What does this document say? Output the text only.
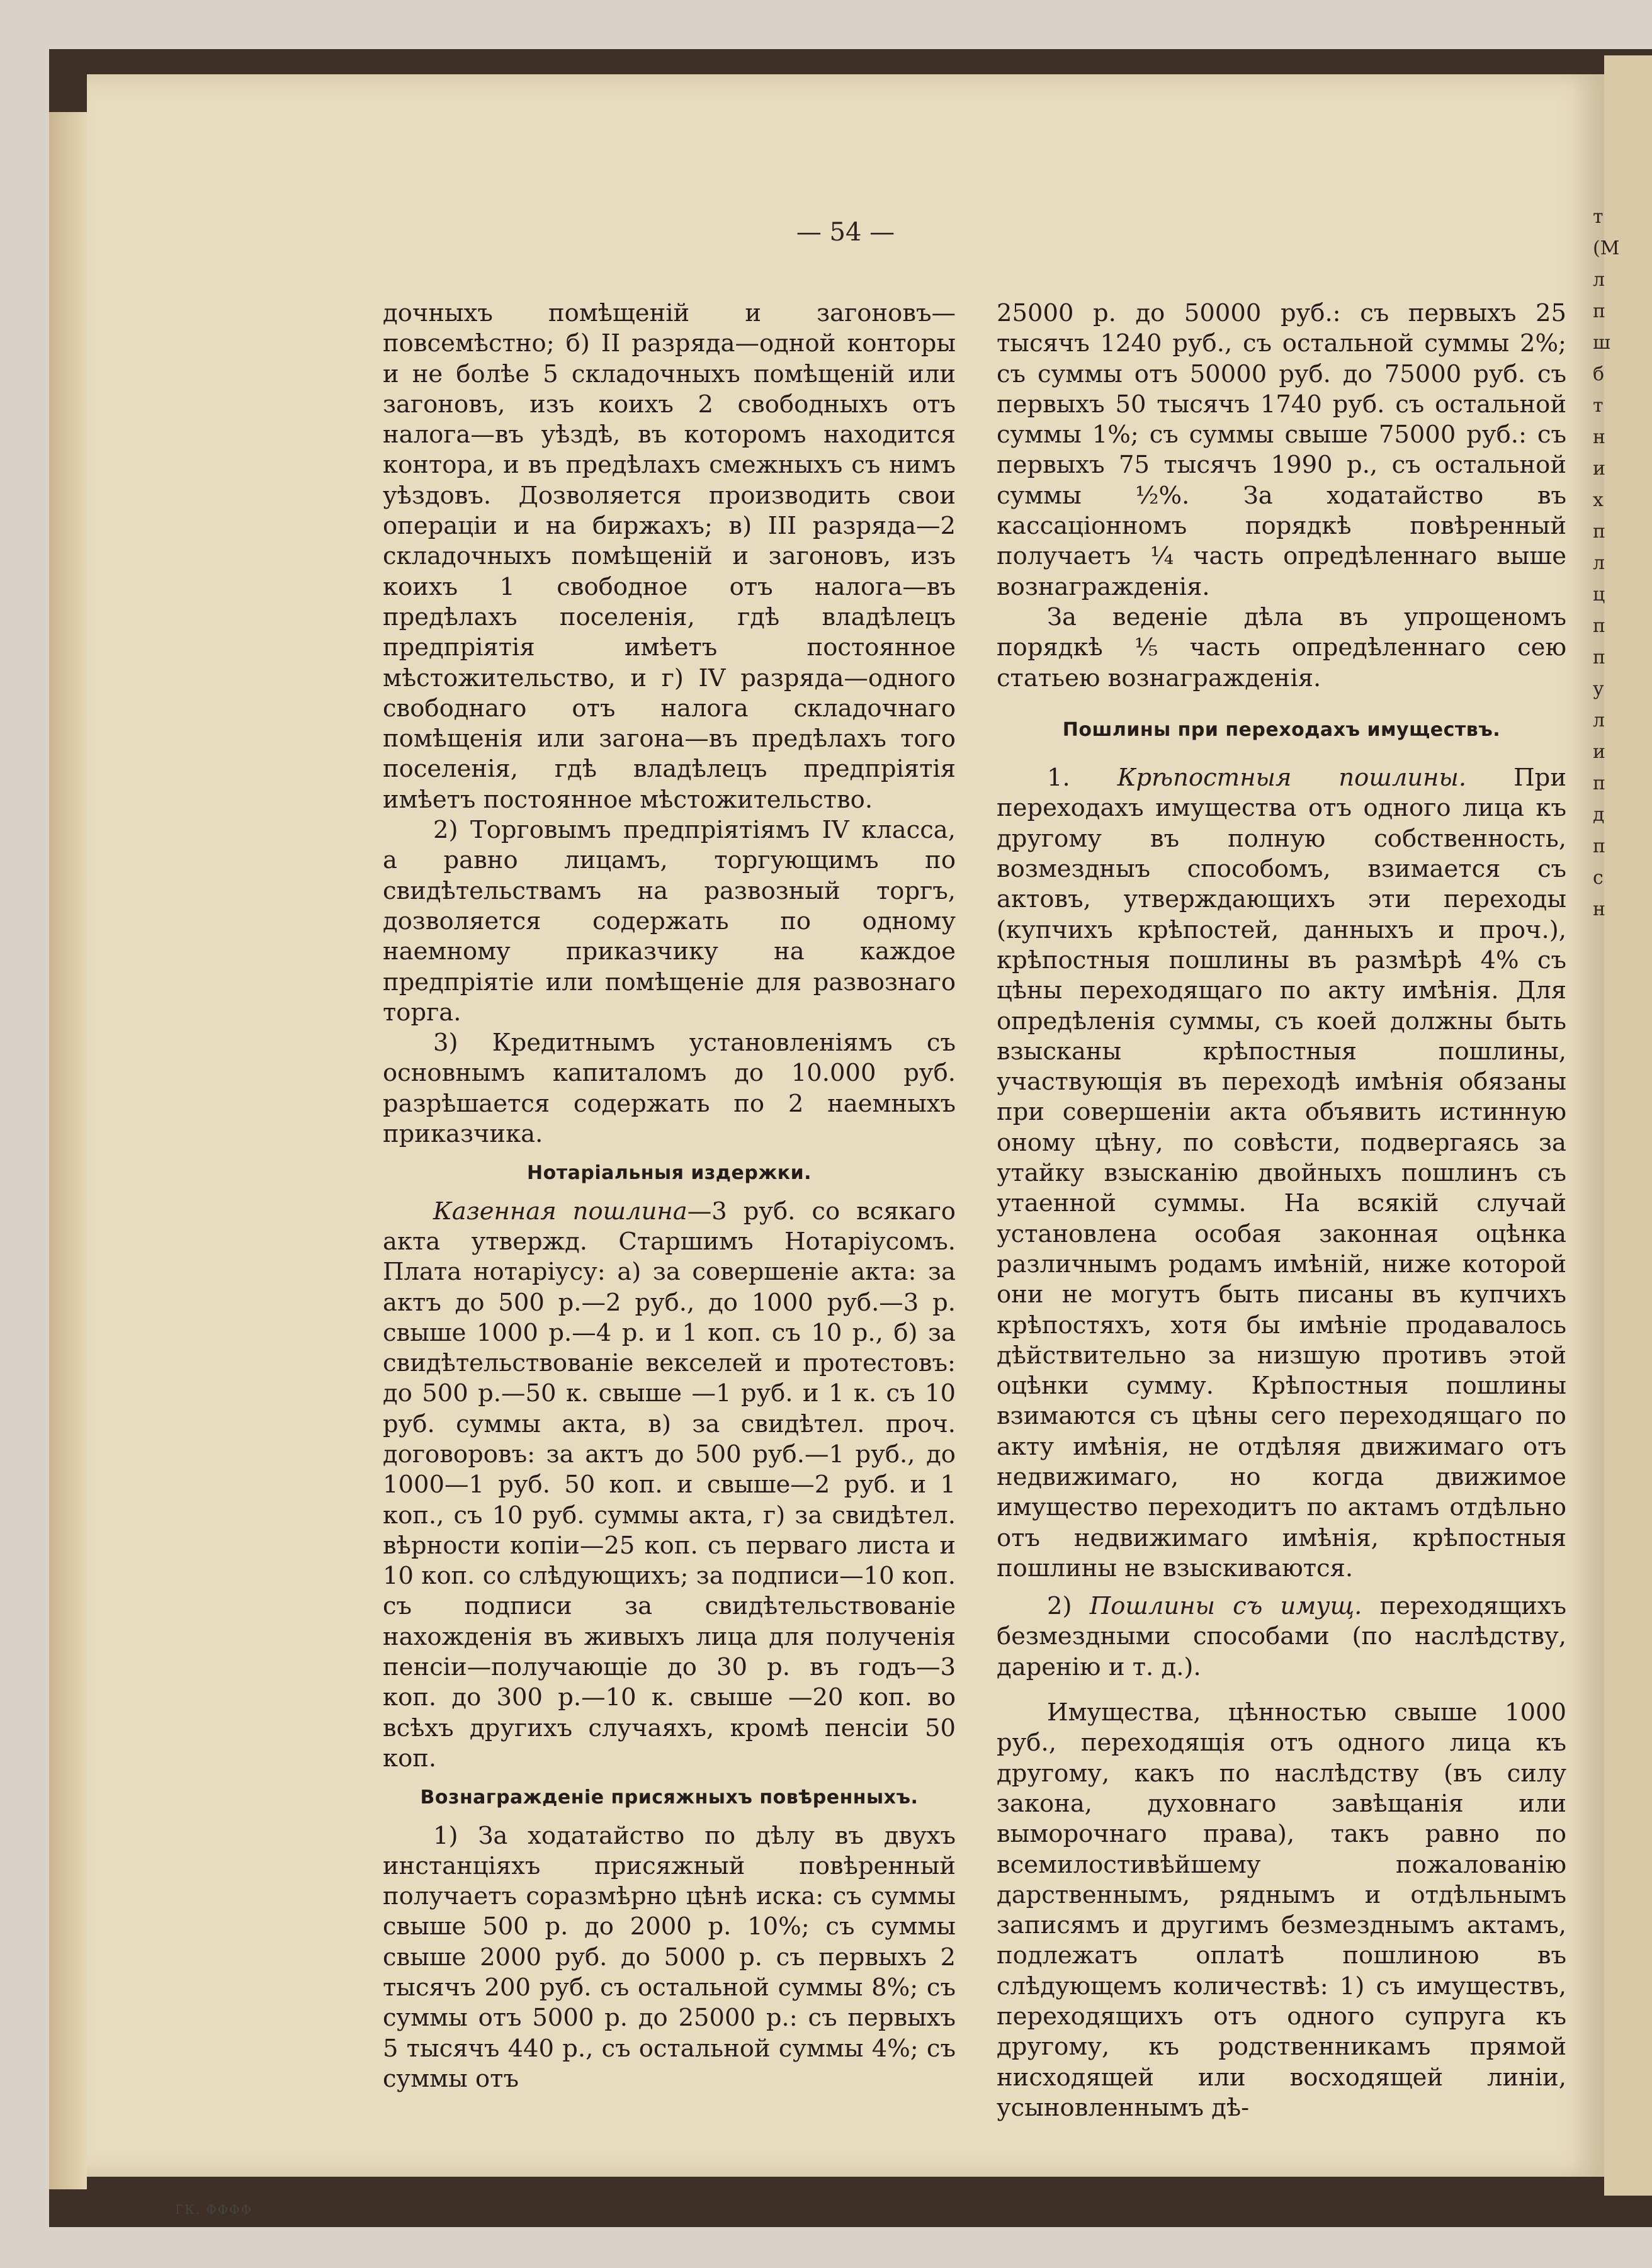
— 54 —

дочныхъ помѣщеній и загоновъ—повсемѣстно; б) II разряда—одной конторы и не болѣе 5 складочныхъ помѣщеній или загоновъ, изъ коихъ 2 свободныхъ отъ налога—въ уѣздѣ, въ которомъ находится контора, и въ предѣлахъ смежныхъ съ нимъ уѣздовъ. Дозволяется производить свои операціи и на биржахъ; в) III разряда—2 складочныхъ помѣщеній и загоновъ, изъ коихъ 1 свободное отъ налога—въ предѣлахъ поселенія, гдѣ владѣлецъ предпріятія имѣетъ постоянное мѣстожительство, и г) IV разряда—одного свободнаго отъ налога складочнаго помѣщенія или загона—въ предѣлахъ того поселенія, гдѣ владѣлецъ предпріятія имѣетъ постоянное мѣстожительство.

2) Торговымъ предпріятіямъ IV класса, а равно лицамъ, торгующимъ по свидѣтельствамъ на развозный торгъ, дозволяется содержать по одному наемному приказчику на каждое предпріятіе или помѣщеніе для развознаго торга.

3) Кредитнымъ установленіямъ съ основнымъ капиталомъ до 10.000 руб. разрѣшается содержать по 2 наемныхъ приказчика.

Нотаріальныя издержки.

Казенная пошлина—3 руб. со всякаго акта утвержд. Старшимъ Нотаріусомъ. Плата нотаріусу: а) за совершеніе акта: за актъ до 500 р.—2 руб., до 1000 руб.—3 р. свыше 1000 р.—4 р. и 1 коп. съ 10 р., б) за свидѣтельствованіе векселей и протестовъ: до 500 р.—50 к. свыше —1 руб. и 1 к. съ 10 руб. суммы акта, в) за свидѣтел. проч. договоровъ: за актъ до 500 руб.—1 руб., до 1000—1 руб. 50 коп. и свыше—2 руб. и 1 коп., съ 10 руб. суммы акта, г) за свидѣтел. вѣрности копіи—25 коп. съ перваго листа и 10 коп. со слѣдующихъ; за подписи—10 коп. съ подписи за свидѣтельствованіе нахожденія въ живыхъ лица для полученія пенсіи—получающіе до 30 р. въ годъ—3 коп. до 300 р.—10 к. свыше —20 коп. во всѣхъ другихъ случаяхъ, кромѣ пенсіи 50 коп.

Вознагражденіе присяжныхъ повѣренныхъ.

1) За ходатайство по дѣлу въ двухъ инстанціяхъ присяжный повѣренный получаетъ соразмѣрно цѣнѣ иска: съ суммы свыше 500 р. до 2000 р. 10%; съ суммы свыше 2000 руб. до 5000 р. съ первыхъ 2 тысячъ 200 руб. съ остальной суммы 8%; съ суммы отъ 5000 р. до 25000 р.: съ первыхъ 5 тысячъ 440 р., съ остальной суммы 4%; съ суммы отъ

25000 р. до 50000 руб.: съ первыхъ 25 тысячъ 1240 руб., съ остальной суммы 2%; съ суммы отъ 50000 руб. до 75000 руб. съ первыхъ 50 тысячъ 1740 руб. съ остальной суммы 1%; съ суммы свыше 75000 руб.: съ первыхъ 75 тысячъ 1990 р., съ остальной суммы ½%. За ходатайство въ кассаціонномъ порядкѣ повѣренный получаетъ ¼ часть опредѣленнаго выше вознагражденія.

За веденіе дѣла въ упрощеномъ порядкѣ ⅕ часть опредѣленнаго сею статьею вознагражденія.

Пошлины при переходахъ имуществъ.

1. Крѣпостныя пошлины. При переходахъ имущества отъ одного лица къ другому въ полную собственность, возмездныъ способомъ, взимается съ актовъ, утверждающихъ эти переходы (купчихъ крѣпостей, данныхъ и проч.), крѣпостныя пошлины въ размѣрѣ 4% съ цѣны переходящаго по акту имѣнія. Для опредѣленія суммы, съ коей должны быть взысканы крѣпостныя пошлины, участвующія въ переходѣ имѣнія обязаны при совершеніи акта объявить истинную оному цѣну, по совѣсти, подвергаясь за утайку взысканію двойныхъ пошлинъ съ утаенной суммы. На всякій случай установлена особая законная оцѣнка различнымъ родамъ имѣній, ниже которой они не могутъ быть писаны въ купчихъ крѣпостяхъ, хотя бы имѣніе продавалось дѣйствительно за низшую противъ этой оцѣнки сумму. Крѣпостныя пошлины взимаются съ цѣны сего переходящаго по акту имѣнія, не отдѣляя движимаго отъ недвижимаго, но когда движимое имущество переходитъ по актамъ отдѣльно отъ недвижимаго имѣнія, крѣпостныя пошлины не взыскиваются.

2) Пошлины съ имущ. переходящихъ безмездными способами (по наслѣдству, даренію и т. д.).

Имущества, цѣнностью свыше 1000 руб., переходящія отъ одного лица къ другому, какъ по наслѣдству (въ силу закона, духовнаго завѣщанія или выморочнаго права), такъ равно по всемилостивѣйшему пожалованію дарственнымъ, ряднымъ и отдѣльнымъ записямъ и другимъ безмезднымъ актамъ, подлежатъ оплатѣ пошлиною въ слѣдующемъ количествѣ: 1) съ имуществъ, переходящихъ отъ одного супруга къ другому, къ родственникамъ прямой нисходящей или восходящей линіи, усыновленнымъ дѣ-

ГК. ΦΦΦΦ
т
(М
л
п
ш
б
т
н
и
х
п
л
ц
п
п
у
л
и
п
д
п
с
н
